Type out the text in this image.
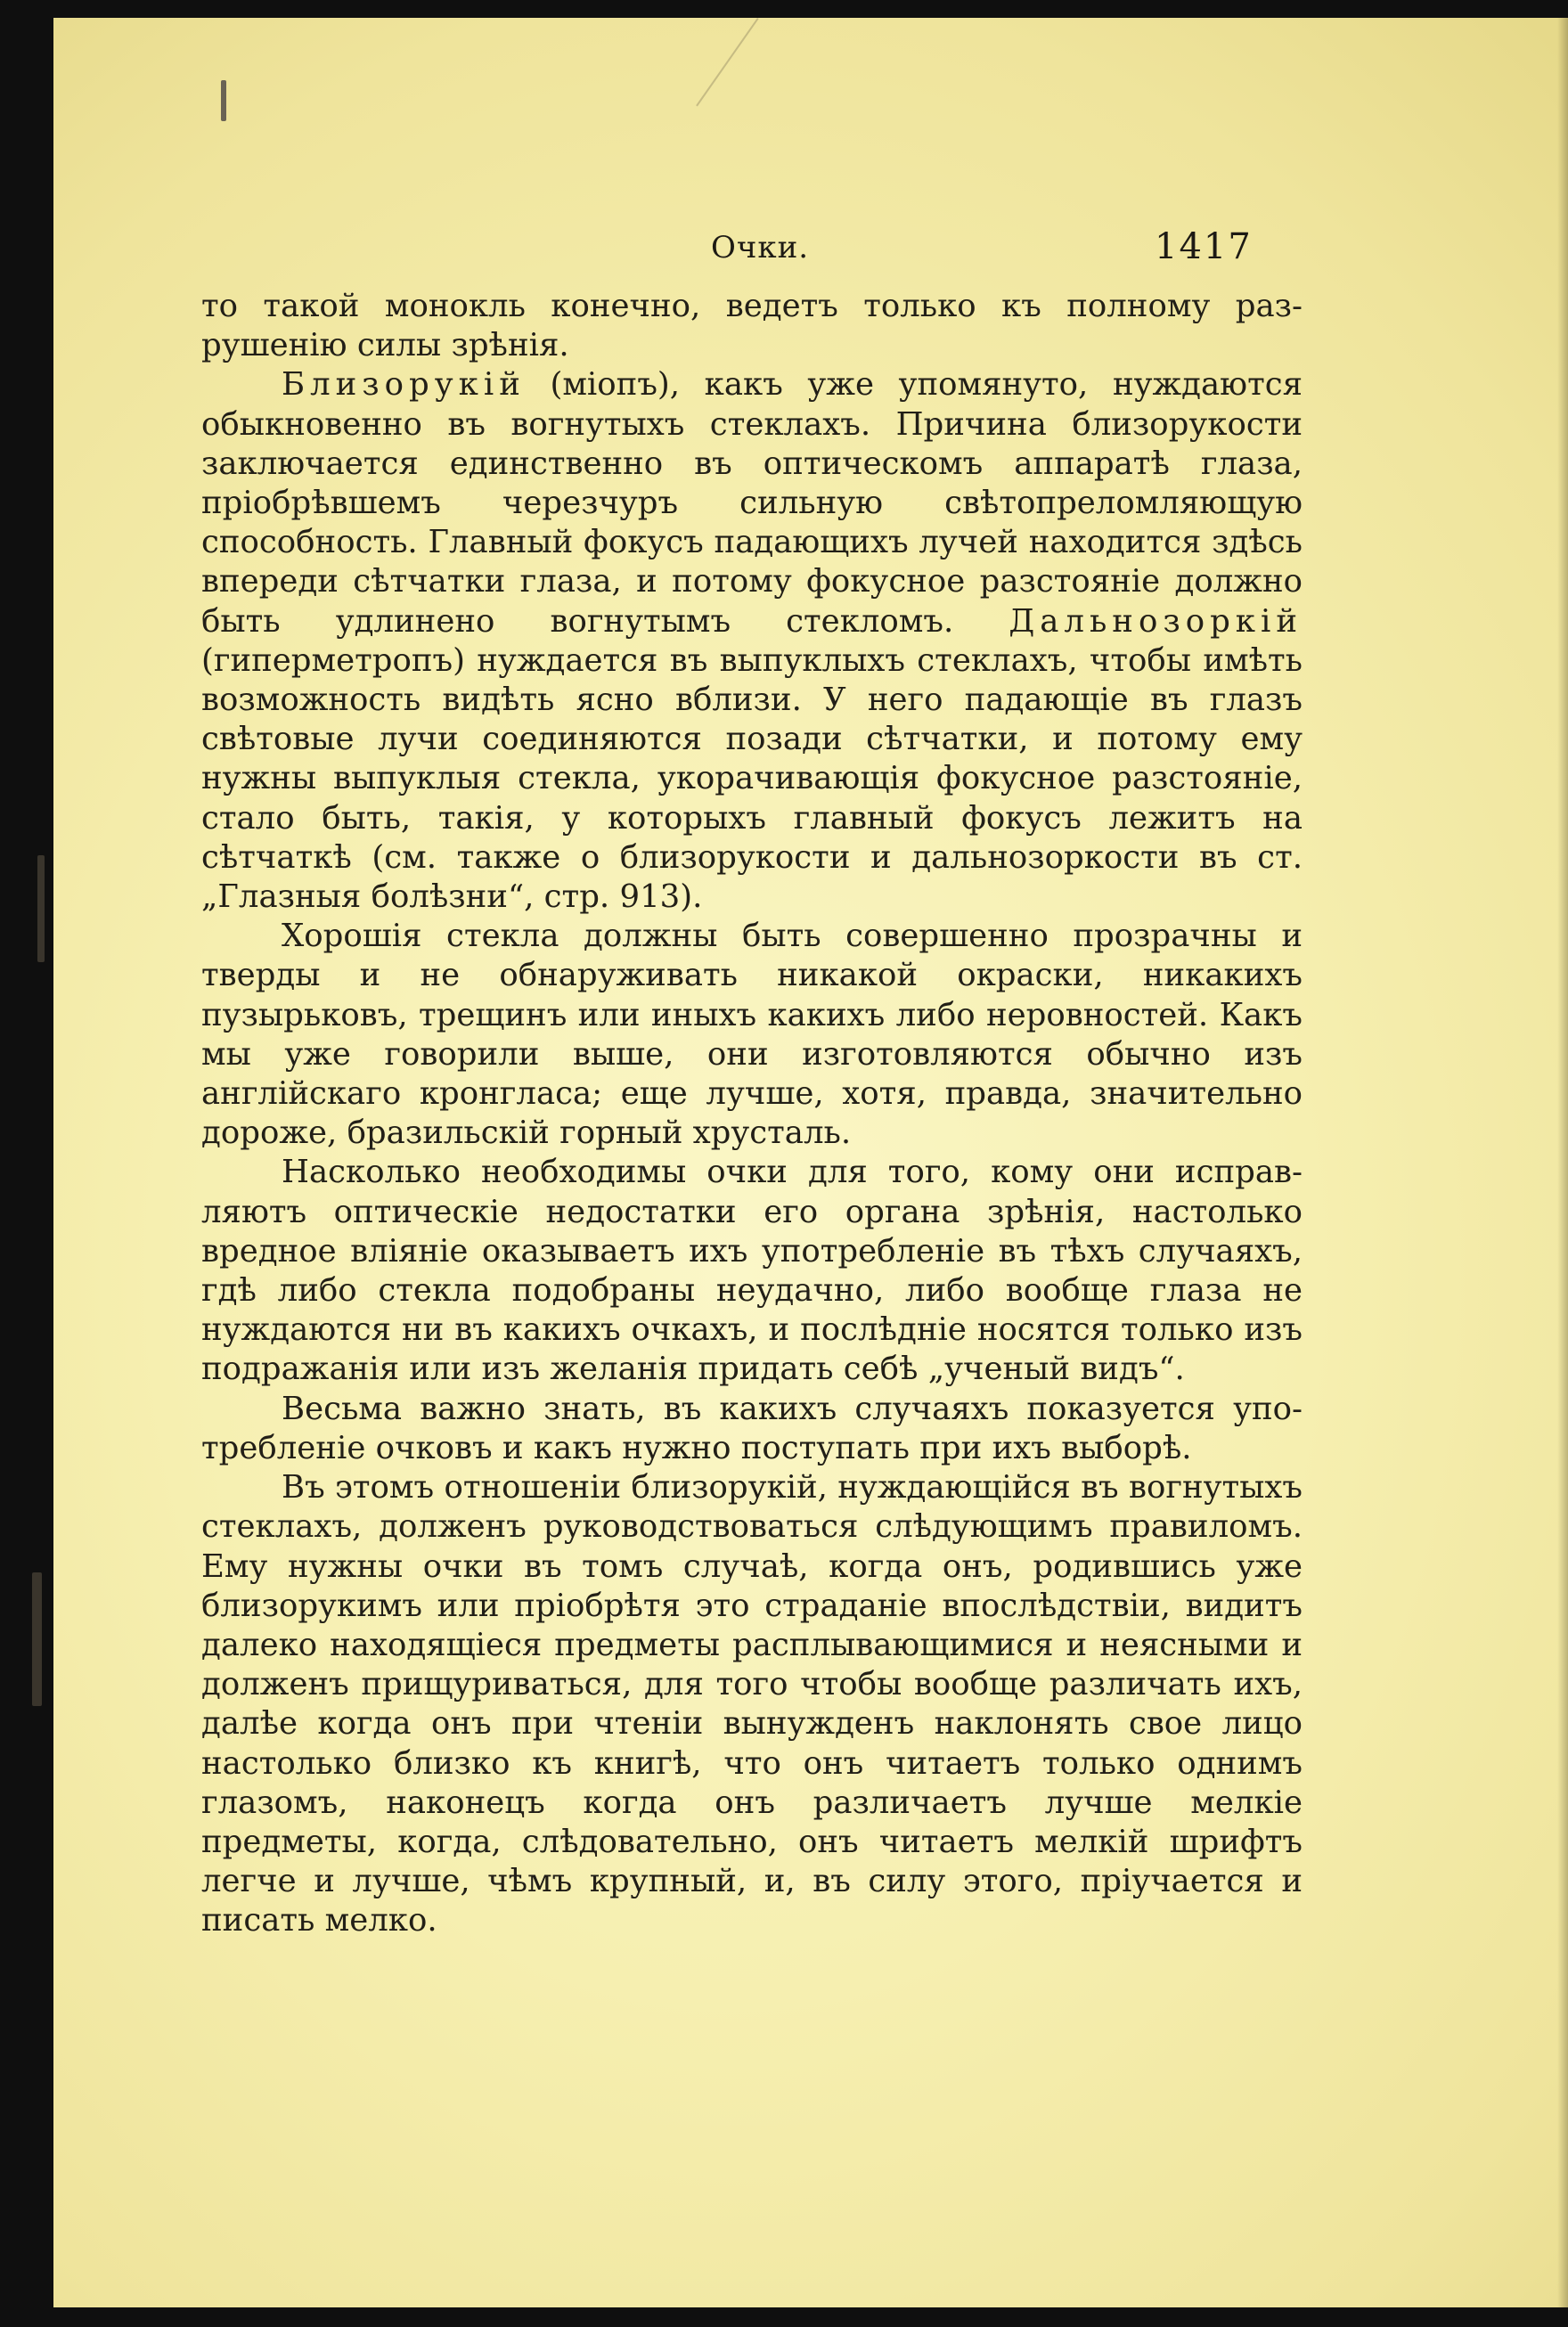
Очки.	1417

то такой монокль конечно, ведетъ только къ полному разрушенію силы зрѣнія.

Близорукій (міопъ), какъ уже упомянуто, нуждаются обыкновенно въ вогнутыхъ стеклахъ. Причина близорукости заключается единственно въ оптическомъ аппаратѣ глаза, пріобрѣвшемъ черезчуръ сильную свѣтопреломляющую способность. Главный фокусъ падающихъ лучей находится здѣсь впереди сѣтчатки глаза, и потому фокусное разстояніе должно быть удлинено вогнутымъ стекломъ. Дальнозоркій (гиперметропъ) нуждается въ выпуклыхъ стеклахъ, чтобы имѣть возможность видѣть ясно вблизи. У него падающіе въ глазъ свѣтовые лучи соединяются позади сѣтчатки, и потому ему нужны выпуклыя стекла, укорачивающія фокусное разстояніе, стало быть, такія, у которыхъ главный фокусъ лежитъ на сѣтчаткѣ (см. также о близорукости и дальнозоркости въ ст. „Глазныя болѣзни“, стр. 913).

Хорошія стекла должны быть совершенно прозрачны и тверды и не обнаруживать никакой окраски, никакихъ пузырьковъ, трещинъ или иныхъ какихъ либо неровностей. Какъ мы уже говорили выше, они изготовляются обычно изъ англійскаго кронгласа; еще лучше, хотя, правда, значительно дороже, бразильскій горный хрусталь.

Насколько необходимы очки для того, кому они исправляютъ оптическіе недостатки его органа зрѣнія, настолько вредное вліяніе оказываетъ ихъ употребленіе въ тѣхъ случаяхъ, гдѣ либо стекла подобраны неудачно, либо вообще глаза не нуждаются ни въ какихъ очкахъ, и послѣдніе носятся только изъ подражанія или изъ желанія придать себѣ „ученый видъ“.

Весьма важно знать, въ какихъ случаяхъ показуется употребленіе очковъ и какъ нужно поступать при ихъ выборѣ.

Въ этомъ отношеніи близорукій, нуждающійся въ вогнутыхъ стеклахъ, долженъ руководствоваться слѣдующимъ правиломъ. Ему нужны очки въ томъ случаѣ, когда онъ, родившись уже близорукимъ или пріобрѣтя это страданіе впослѣдствіи, видитъ далеко находящіеся предметы расплывающимися и неясными и долженъ прищуриваться, для того чтобы вообще различать ихъ, далѣе когда онъ при чтеніи вынужденъ наклонять свое лицо настолько близко къ книгѣ, что онъ читаетъ только однимъ глазомъ, наконецъ когда онъ различаетъ лучше мелкіе предметы, когда, слѣдовательно, онъ читаетъ мелкій шрифтъ легче и лучше, чѣмъ крупный, и, въ силу этого, пріучается и писать мелко.
